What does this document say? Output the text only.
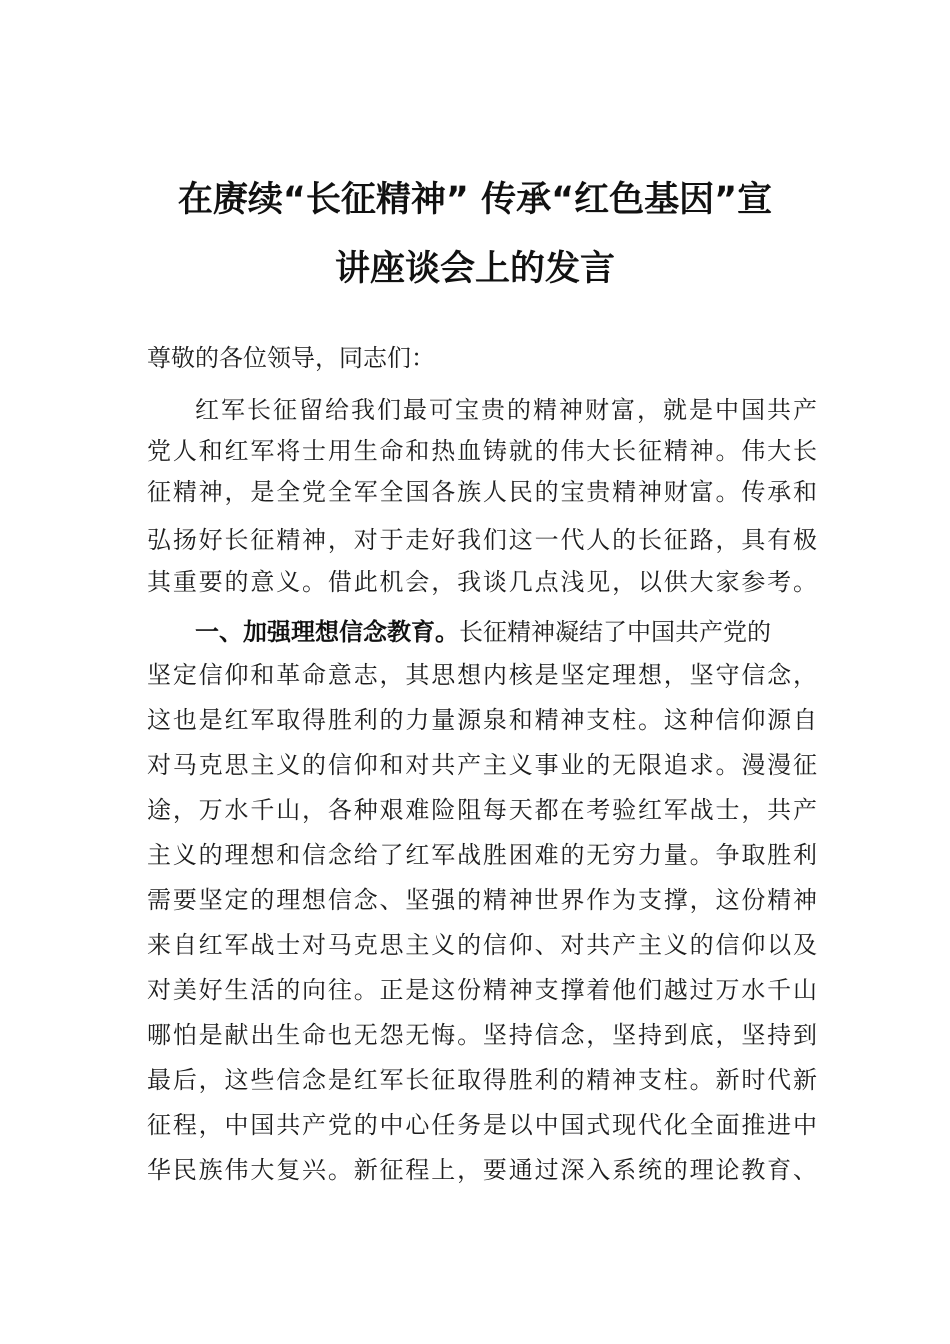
在赓续“长征精神” 传承“红色基因”宣
讲座谈会上的发言
尊敬的各位领导，同志们：
红军长征留给我们最可宝贵的精神财富，就是中国共产
党人和红军将士用生命和热血铸就的伟大长征精神。伟大长
征精神，是全党全军全国各族人民的宝贵精神财富。传承和
弘扬好长征精神，对于走好我们这一代人的长征路，具有极
其重要的意义。借此机会，我谈几点浅见，以供大家参考。
一、加强理想信念教育。长征精神凝结了中国共产党的
坚定信仰和革命意志，其思想内核是坚定理想，坚守信念，
这也是红军取得胜利的力量源泉和精神支柱。这种信仰源自
对马克思主义的信仰和对共产主义事业的无限追求。漫漫征
途，万水千山，各种艰难险阻每天都在考验红军战士，共产
主义的理想和信念给了红军战胜困难的无穷力量。争取胜利
需要坚定的理想信念、坚强的精神世界作为支撑，这份精神
来自红军战士对马克思主义的信仰、对共产主义的信仰以及
对美好生活的向往。正是这份精神支撑着他们越过万水千山
哪怕是献出生命也无怨无悔。坚持信念，坚持到底，坚持到
最后，这些信念是红军长征取得胜利的精神支柱。新时代新
征程，中国共产党的中心任务是以中国式现代化全面推进中
华民族伟大复兴。新征程上，要通过深入系统的理论教育、
